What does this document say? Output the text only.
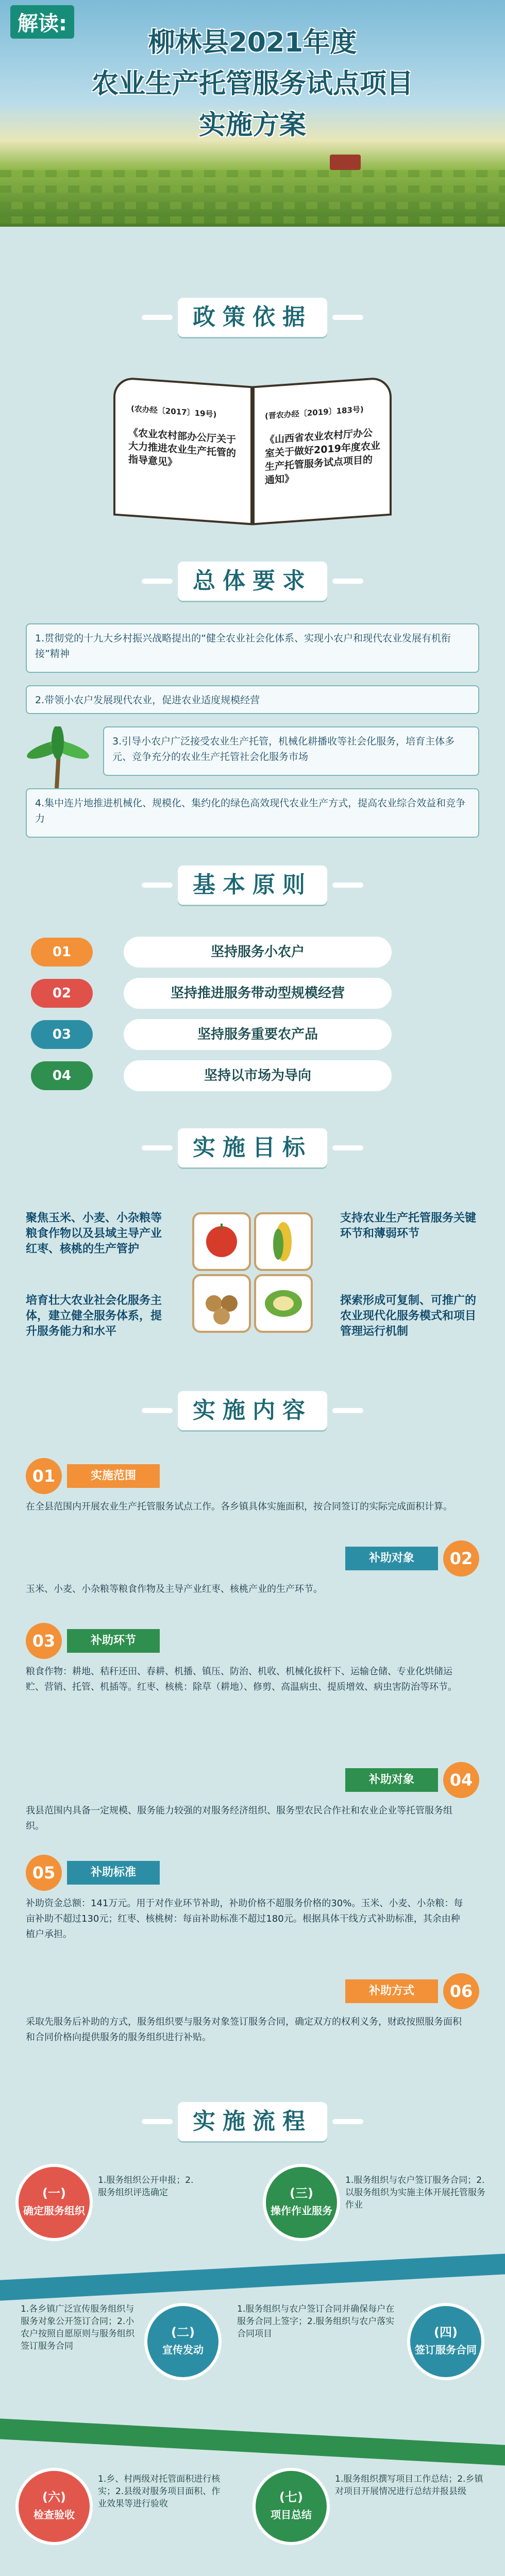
解读:
柳林县2021年度
农业生产托管服务试点项目
实施方案
政策依据
(农办经〔2017〕19号)
《农业农村部办公厅关于大力推进农业生产托管的指导意见》
(晋农办经〔2019〕183号)
《山西省农业农村厅办公室关于做好2019年度农业生产托管服务试点项目的通知》
总体要求
1.贯彻党的十九大乡村振兴战略提出的“健全农业社会化体系、实现小农户和现代农业发展有机衔接”精神
2.带领小农户发展现代农业，促进农业适度规模经营
3.引导小农户广泛接受农业生产托管，机械化耕播收等社会化服务，培育主体多元、竞争充分的农业生产托管社会化服务市场
4.集中连片地推进机械化、规模化、集约化的绿色高效现代农业生产方式，提高农业综合效益和竞争力
基本原则
01	坚持服务小农户
02	坚持推进服务带动型规模经营
03	坚持服务重要农产品
04	坚持以市场为导向
实施目标
聚焦玉米、小麦、小杂粮等粮食作物以及县域主导产业红枣、核桃的生产管护
支持农业生产托管服务关键环节和薄弱环节
培育壮大农业社会化服务主体，建立健全服务体系，提升服务能力和水平
探索形成可复制、可推广的农业现代化服务模式和项目管理运行机制
实施内容
01	实施范围
在全县范围内开展农业生产托管服务试点工作。各乡镇具体实施面积，按合同签订的实际完成面积计算。
02
补助对象
玉米、小麦、小杂粮等粮食作物及主导产业红枣、核桃产业的生产环节。
03	补助环节
粮食作物：耕地、秸秆还田、春耕、机播、镇压、防治、机收、机械化拔杆下、运输仓储、专业化烘储运贮、营销、托管、机插等。红枣、核桃：除草（耕地）、修剪、高温病虫、提质增效、病虫害防治等环节。
04
补助对象
我县范围内具备一定规模、服务能力较强的对服务经济组织、服务型农民合作社和农业企业等托管服务组织。
05	补助标准
补助资金总额：141万元。用于对作业环节补助，补助价格不超服务价格的30%。玉米、小麦、小杂粮：每亩补助不超过130元；红枣、核桃树：每亩补助标准不超过180元。根据具体干线方式补助标准，其余由种植户承担。
06
补助方式
采取先服务后补助的方式，服务组织要与服务对象签订服务合同，确定双方的权利义务，财政按照服务面积和合同价格向提供服务的服务组织进行补贴。
实施流程
(一)
确定服务组织
1.服务组织公开申报；2.服务组织评选确定	(三)
操作作业服务
1.服务组织与农户签订服务合同；2.以服务组织为实施主体开展托管服务作业
(二)
宣传发动
1.各乡镇广泛宣传服务组织与服务对象公开签订合同；2.小农户按照自愿原则与服务组织签订服务合同
(四)
签订服务合同
1.服务组织与农户签订合同并确保每户在服务合同上签字；2.服务组织与农户落实合同项目
(六)
检查验收
1.乡、村两级对托管面积进行核实；2.县级对服务项目面积、作业效果等进行验收	(七)
项目总结
1.服务组织撰写项目工作总结；2.乡镇对项目开展情况进行总结并报县级
